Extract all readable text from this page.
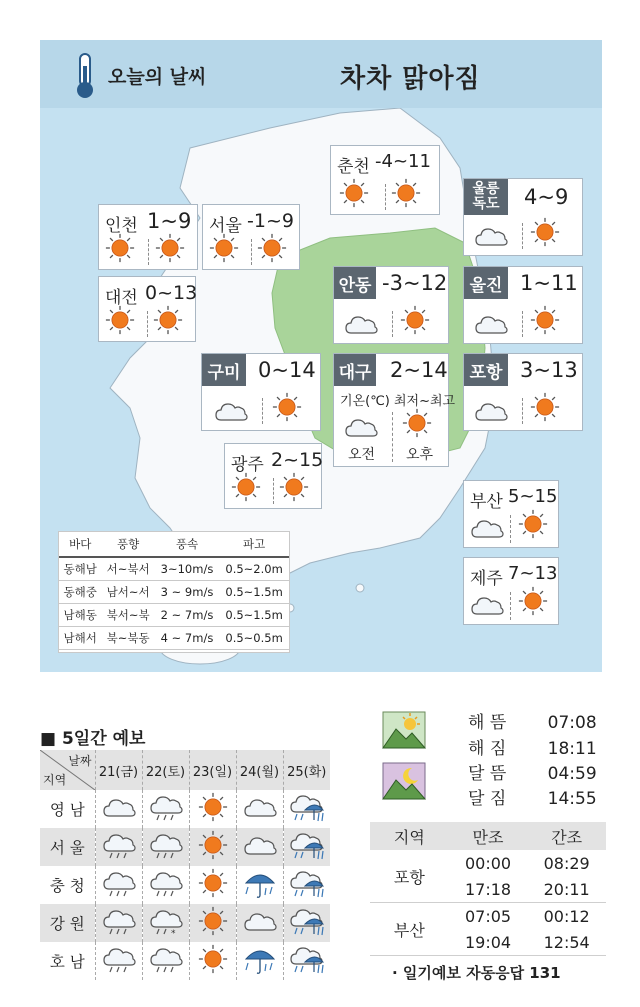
오늘의 날씨	차차 맑아짐
춘천 -4~11
인천 1~9 서울 -1~9
대전 0~13
울릉
독도 4~9
안동 -3~12	울진 1~11
구미 0~14 대구 2~14
기온(℃) 최저~최고
오전 오후
포항 3~13
광주 2~15
부산 5~15
제주 7~13
바다	풍향	풍속	파고
동해남	서~북서	3~10m/s	0.5~2.0m
동해중	남서~서	3 ~ 9m/s	0.5~1.5m
남해동	북서~북	2 ~ 7m/s	0.5~1.5m
남해서	북~북동	4 ~ 7m/s	0.5~0.5m
■ 5일간 예보
날짜
지역	21(금)	22(토)	23(일)	24(월)	25(화)
영 남	

서 울	

충 청	

강 원		*

호 남	

해 뜸 07:08
해 짐 18:11
달 뜸 04:59
달 짐 14:55
지역	만조	간조
포항
00:00	08:29
17:18	20:11
부산
07:05	00:12
19:04	12:54
· 일기예보 자동응답 131
